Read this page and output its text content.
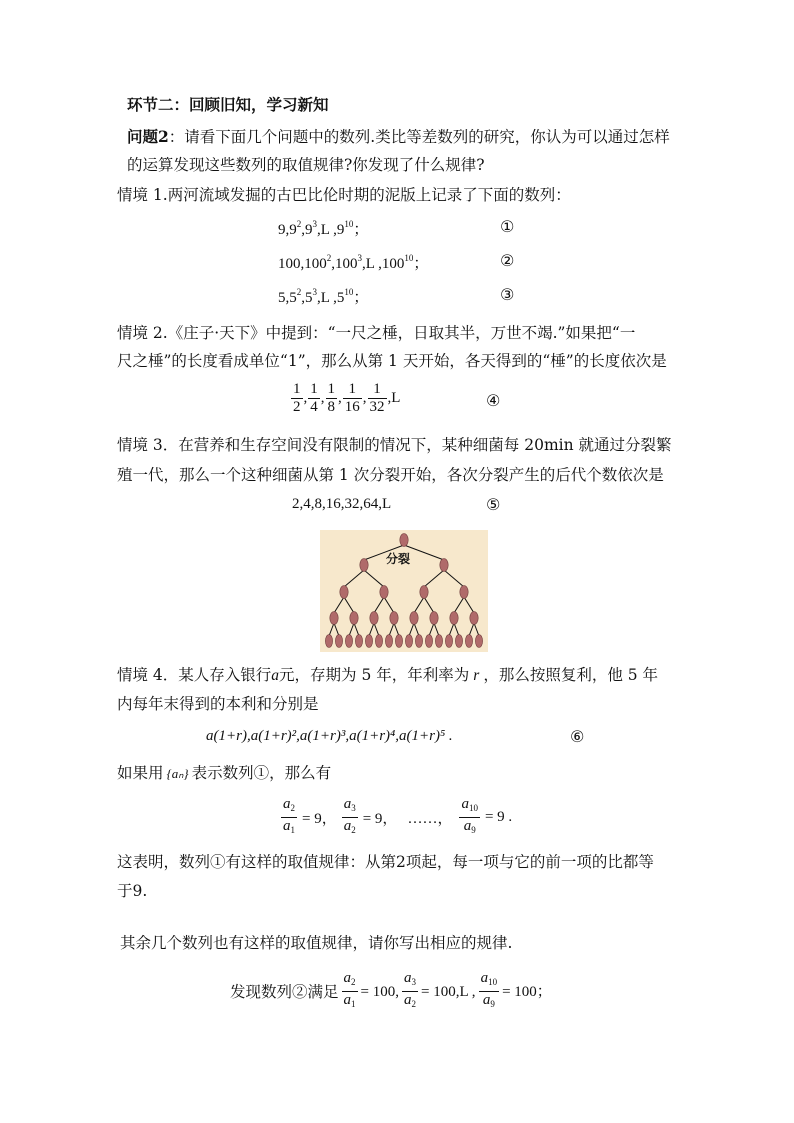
环节二：回顾旧知，学习新知
问题2：请看下面几个问题中的数列.类比等差数列的研究，你认为可以通过怎样
的运算发现这些数列的取值规律?你发现了什么规律?
情境 1.两河流域发掘的古巴比伦时期的泥版上记录了下面的数列：
$9,9^2,9^3,L$ $,9^{10}$；	①
100,100$^2$,100$^3$,L ,100$^{10}$；	②
$5,5^2,5^3,L$ $,5^{10}$；	③
情境 2.《庄子·天下》中提到：“一尺之棰，日取其半，万世不竭.”如果把“一
尺之棰”的长度看成单位“1”，那么从第 1 天开始，各天得到的“棰”的长度依次是
$\frac{1}{2}$ , $\frac{1}{4}$ , $\frac{1}{8}$ , $\frac{1}{16}$ , $\frac{1}{32} ,L$	④
情境 3．在营养和生存空间没有限制的情况下，某种细菌每 20min 就通过分裂繁
殖一代，那么一个这种细菌从第 1 次分裂开始，各次分裂产生的后代个数依次是
2,4,8,16,32,64,L	⑤
分裂
情境 4．某人存入银行a元，存期为 5 年，年利率为 r ，那么按照复利，他 5 年
内每年末得到的本利和分别是
a(1+r),a(1+r)²,a(1+r)³,a(1+r)⁴,a(1+r)⁵ .	⑥
如果用 {aₙ} 表示数列①，那么有
$\frac{a_2}{a_1} = 9$， $\frac{a_3}{a_2} = 9$， ……， $\frac{a_{10}}{a_9} = 9$ .
这表明，数列①有这样的取值规律：从第2项起，每一项与它的前一项的比都等
于9.
其余几个数列也有这样的取值规律，请你写出相应的规律.
发现数列②满足 $\frac{a_2}{a_1} = 100$, $\frac{a_3}{a_2} = 100,L$ , $\frac{a_{10}}{a_9} = 100$；
